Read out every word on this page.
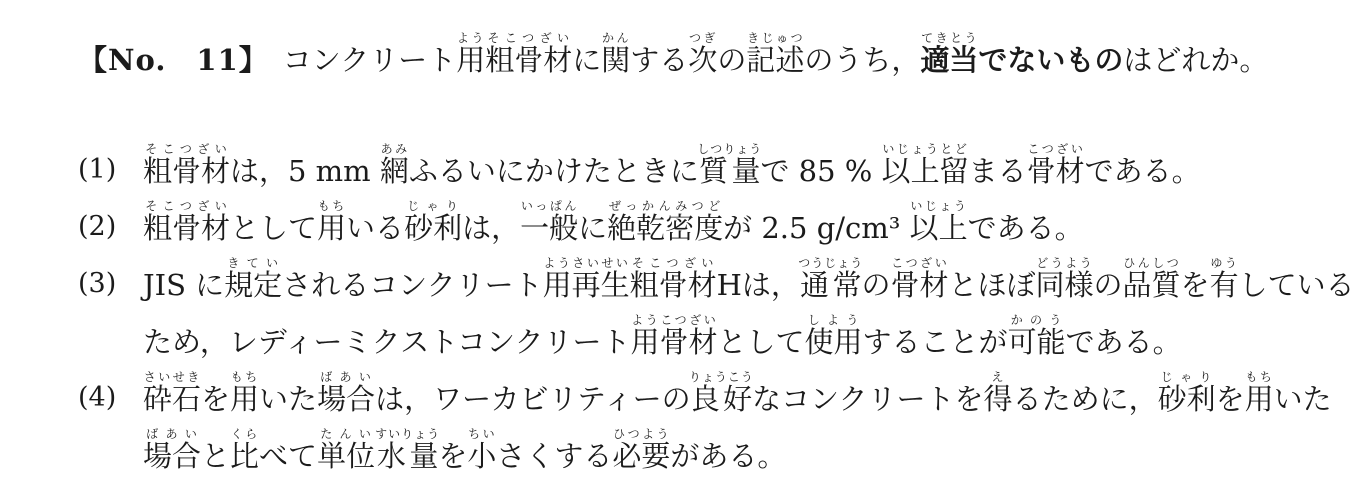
【No.　11】 コンクリート用よう粗骨材そこつざいに関かんする次つぎの記述きじゅつのうち，適当てきとうでないものはどれか。
(1) 粗骨材そこつざいは，5 mm 網あみふるいにかけたときに質量しつりょうで 85 % 以上いじょう留とどまる骨材こつざいである。
(2) 粗骨材そこつざいとして用もちいる砂利じゃりは，一般いっぱんに絶乾密度ぜっかんみつどが 2.5 g/cm³ 以上いじょうである。
(3) JIS に規定きていされるコンクリート用再生ようさいせい粗骨材そこつざいHは，通常つうじょうの骨材こつざいとほぼ同様どうようの品質ひんしつを有ゆうしている
ため，レディーミクストコンクリート用骨材ようこつざいとして使用しようすることが可能かのうである。
(4) 砕石さいせきを用もちいた場合ばあいは，ワーカビリティーの良好りょうこうなコンクリートを得えるために，砂利じゃりを用もちいた
場合ばあいと比くらべて単位たんい水量すいりょうを小ちいさくする必要ひつようがある。
